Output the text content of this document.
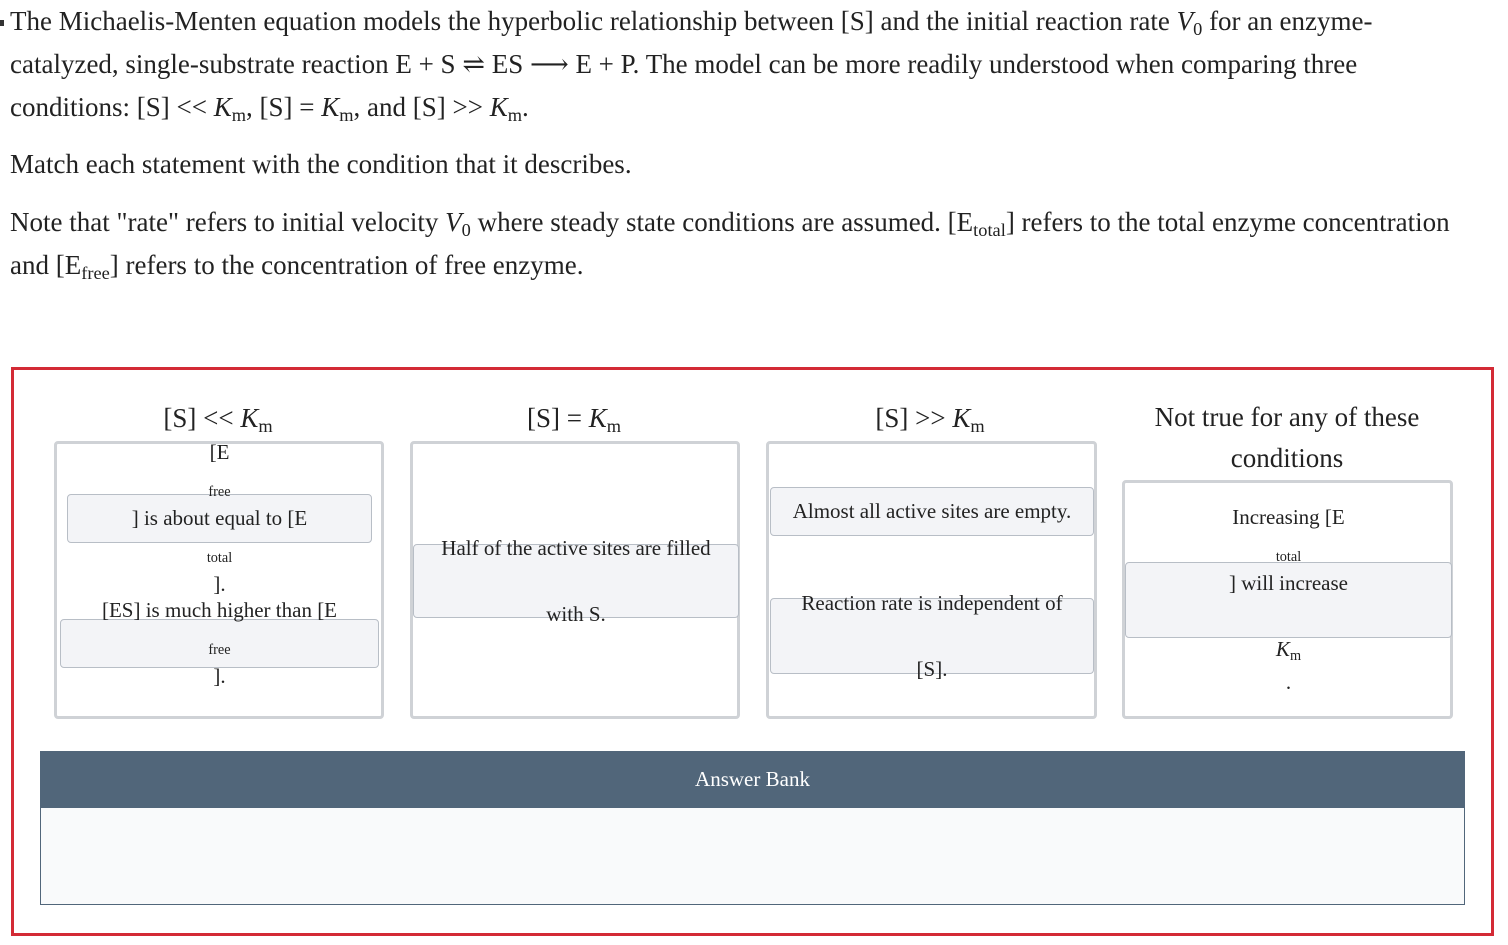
The Michaelis-Menten equation models the hyperbolic relationship between [S] and the initial reaction rate $V_0$ for an enzyme-catalyzed, single-substrate reaction E + S ⇌ ES ⟶ E + P. The model can be more readily understood when comparing three conditions: $[S] << K_m$, $[S] = K_m$, and $[S] >> K_m$.

Match each statement with the condition that it describes.

Note that "rate" refers to initial velocity $V_0$ where steady state conditions are assumed. $[E_{total}]$ refers to the total enzyme concentration and $[E_{free}]$ refers to the concentration of free enzyme.

$[S] << K_m$
[E
$_{free}$
] is about equal to [E
$_{total}$
].
[ES] is much higher than [E
$_{free}$
].
$[S] = K_m$
Half of the active sites are filled

with S.
$[S] >> K_m$
Almost all active sites are empty.
Reaction rate is independent of

[S].
Not true for any of these
conditions
Increasing [E
$_{total}$
] will increase

$K_m$
.
Answer Bank
